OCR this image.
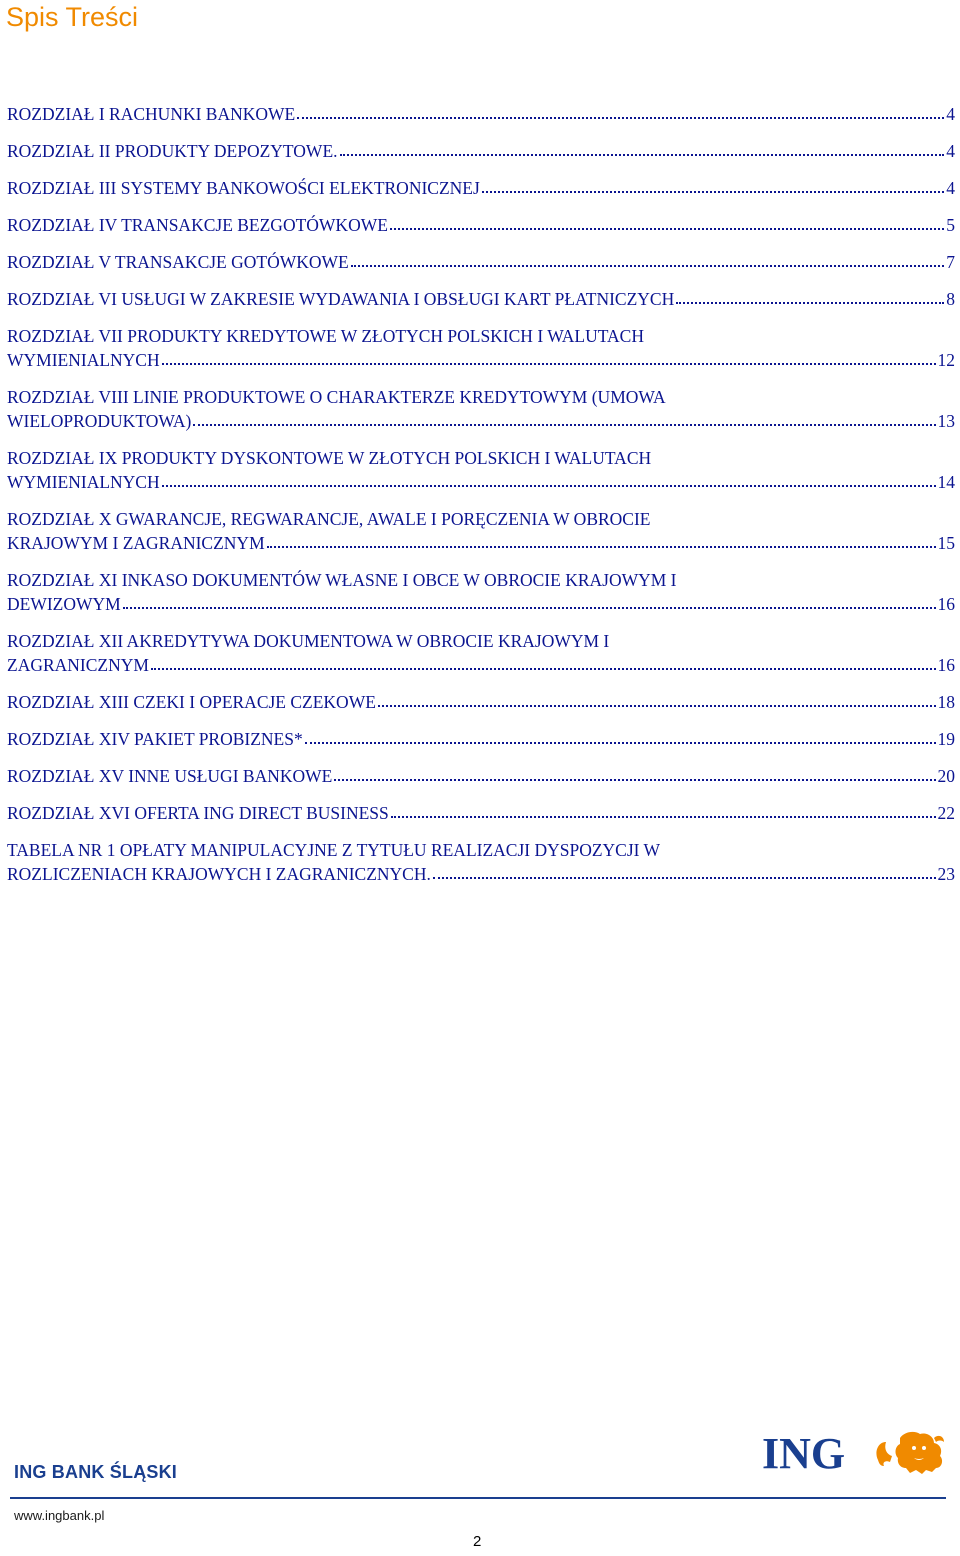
Spis Treści
ROZDZIAŁ I RACHUNKI BANKOWE	4
ROZDZIAŁ II PRODUKTY DEPOZYTOWE.	4
ROZDZIAŁ III SYSTEMY BANKOWOŚCI ELEKTRONICZNEJ	4
ROZDZIAŁ IV TRANSAKCJE BEZGOTÓWKOWE	5
ROZDZIAŁ V TRANSAKCJE GOTÓWKOWE	7
ROZDZIAŁ VI USŁUGI W ZAKRESIE WYDAWANIA I OBSŁUGI KART PŁATNICZYCH	8
ROZDZIAŁ VII PRODUKTY KREDYTOWE W ZŁOTYCH POLSKICH I WALUTACH
WYMIENIALNYCH	12
ROZDZIAŁ VIII LINIE PRODUKTOWE O CHARAKTERZE KREDYTOWYM (UMOWA
WIELOPRODUKTOWA)	13
ROZDZIAŁ IX PRODUKTY DYSKONTOWE W ZŁOTYCH POLSKICH I WALUTACH
WYMIENIALNYCH	14
ROZDZIAŁ X GWARANCJE, REGWARANCJE, AWALE I PORĘCZENIA W OBROCIE
KRAJOWYM I ZAGRANICZNYM	15
ROZDZIAŁ XI INKASO DOKUMENTÓW WŁASNE I OBCE W OBROCIE KRAJOWYM I
DEWIZOWYM	16
ROZDZIAŁ XII AKREDYTYWA DOKUMENTOWA W OBROCIE KRAJOWYM I
ZAGRANICZNYM	16
ROZDZIAŁ XIII CZEKI I OPERACJE CZEKOWE	18
ROZDZIAŁ XIV PAKIET PROBIZNES*	19
ROZDZIAŁ XV INNE USŁUGI BANKOWE	20
ROZDZIAŁ XVI OFERTA ING DIRECT BUSINESS	22
TABELA NR 1 OPŁATY MANIPULACYJNE Z TYTUŁU REALIZACJI DYSPOZYCJI W
ROZLICZENIACH KRAJOWYCH I ZAGRANICZNYCH.	23
ING
ING BANK ŚLĄSKI
www.ingbank.pl
2
